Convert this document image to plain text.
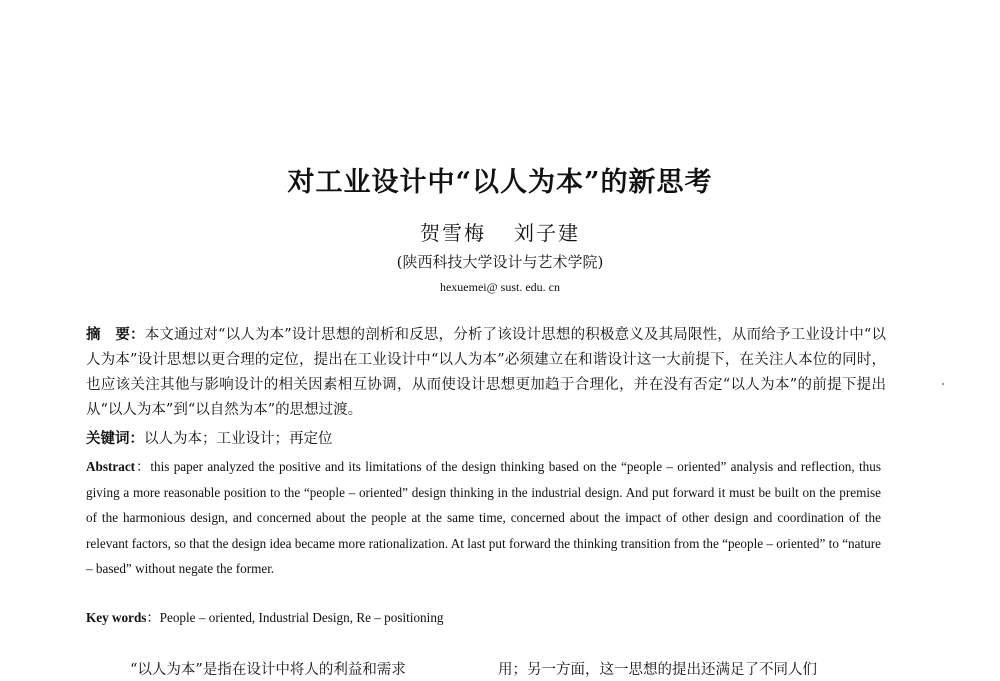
对工业设计中“以人为本”的新思考
贺雪梅 刘子建
(陕西科技大学设计与艺术学院)
hexuemei@ sust. edu. cn
摘　要：本文通过对“以人为本”设计思想的剖析和反思，分析了该设计思想的积极意义及其局限性，从而给予工业设计中“以人为本”设计思想以更合理的定位，提出在工业设计中“以人为本”必须建立在和谐设计这一大前提下，在关注人本位的同时，也应该关注其他与影响设计的相关因素相互协调，从而使设计思想更加趋于合理化，并在没有否定“以人为本”的前提下提出从“以人为本”到“以自然为本”的思想过渡。
关键词：以人为本；工业设计；再定位
Abstract：this paper analyzed the positive and its limitations of the design thinking based on the “people – oriented” analysis and reflection, thus giving a more reasonable position to the “people – oriented” design thinking in the industrial design. And put forward it must be built on the premise of the harmonious design, and concerned about the people at the same time, concerned about the impact of other design and coordination of the relevant factors, so that the design idea became more rationalization. At last put forward the thinking transition from the “people – oriented” to “nature – based” without negate the former.
Key words：People – oriented, Industrial Design, Re – positioning
“以人为本”是指在设计中将人的利益和需求	用；另一方面，这一思想的提出还满足了不同人们
